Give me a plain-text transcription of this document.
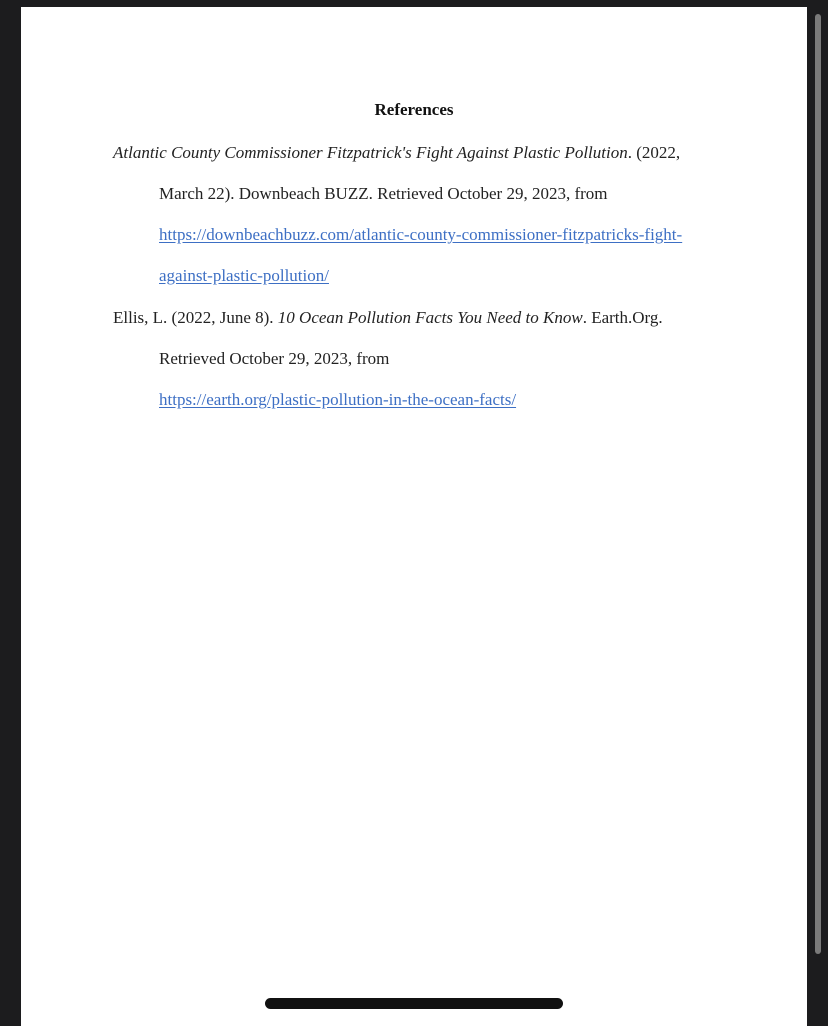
References
Atlantic County Commissioner Fitzpatrick's Fight Against Plastic Pollution. (2022,
March 22). Downbeach BUZZ. Retrieved October 29, 2023, from
https://downbeachbuzz.com/atlantic-county-commissioner-fitzpatricks-fight-
against-plastic-pollution/
Ellis, L. (2022, June 8). 10 Ocean Pollution Facts You Need to Know. Earth.Org.
Retrieved October 29, 2023, from
https://earth.org/plastic-pollution-in-the-ocean-facts/
